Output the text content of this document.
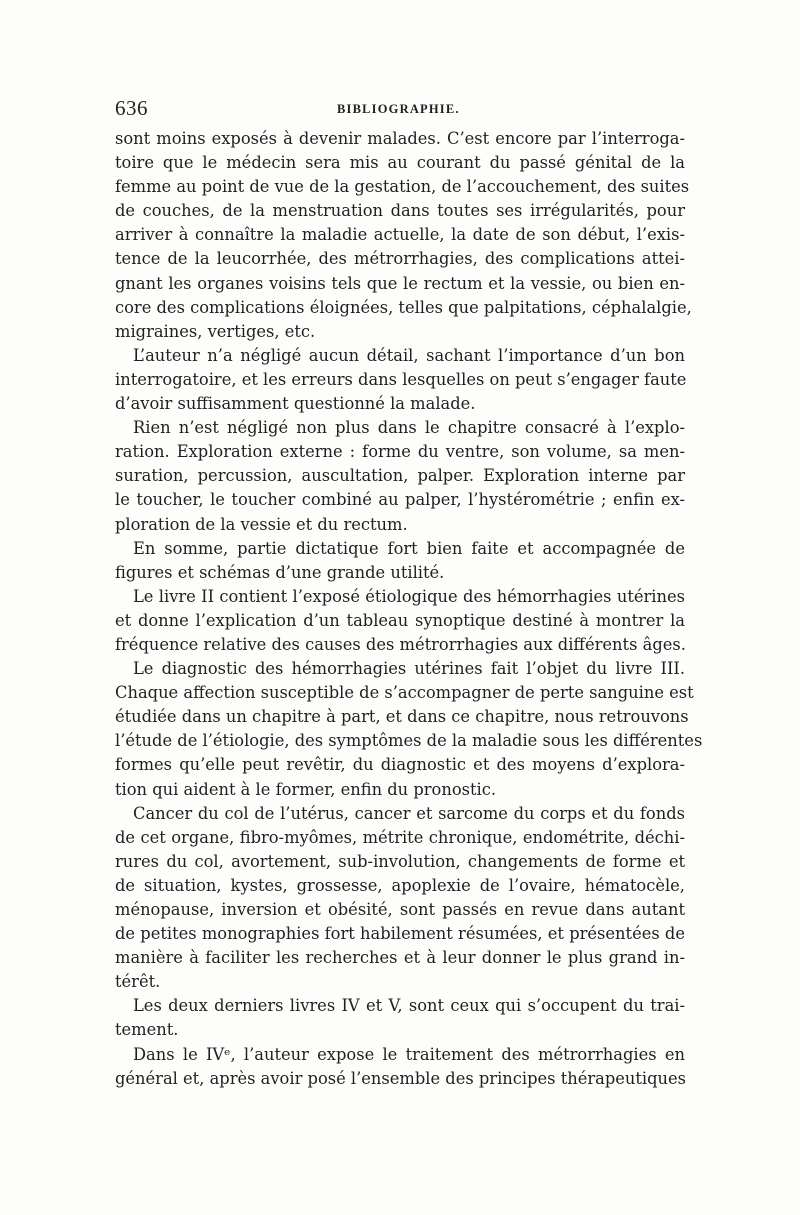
636	BIBLIOGRAPHIE.
sont moins exposés à devenir malades. C’est encore par l’interroga-
toire que le médecin sera mis au courant du passé génital de la
femme au point de vue de la gestation, de l’accouchement, des suites
de couches, de la menstruation dans toutes ses irrégularités, pour
arriver à connaître la maladie actuelle, la date de son début, l’exis-
tence de la leucorrhée, des métrorrhagies, des complications attei-
gnant les organes voisins tels que le rectum et la vessie, ou bien en-
core des complications éloignées, telles que palpitations, céphalalgie,
migraines, vertiges, etc.
L’auteur n’a négligé aucun détail, sachant l’importance d’un bon
interrogatoire, et les erreurs dans lesquelles on peut s’engager faute
d’avoir suffisamment questionné la malade.
Rien n’est négligé non plus dans le chapitre consacré à l’explo-
ration. Exploration externe : forme du ventre, son volume, sa men-
suration, percussion, auscultation, palper. Exploration interne par
le toucher, le toucher combiné au palper, l’hystérométrie ; enfin ex-
ploration de la vessie et du rectum.
En somme, partie dictatique fort bien faite et accompagnée de
figures et schémas d’une grande utilité.
Le livre II contient l’exposé étiologique des hémorrhagies utérines
et donne l’explication d’un tableau synoptique destiné à montrer la
fréquence relative des causes des métrorrhagies aux différents âges.
Le diagnostic des hémorrhagies utérines fait l’objet du livre III.
Chaque affection susceptible de s’accompagner de perte sanguine est
étudiée dans un chapitre à part, et dans ce chapitre, nous retrouvons
l’étude de l’étiologie, des symptômes de la maladie sous les différentes
formes qu’elle peut revêtir, du diagnostic et des moyens d’explora-
tion qui aident à le former, enfin du pronostic.
Cancer du col de l’utérus, cancer et sarcome du corps et du fonds
de cet organe, fibro-myômes, métrite chronique, endométrite, déchi-
rures du col, avortement, sub-involution, changements de forme et
de situation, kystes, grossesse, apoplexie de l’ovaire, hématocèle,
ménopause, inversion et obésité, sont passés en revue dans autant
de petites monographies fort habilement résumées, et présentées de
manière à faciliter les recherches et à leur donner le plus grand in-
térêt.
Les deux derniers livres IV et V, sont ceux qui s’occupent du trai-
tement.
Dans le IVᵉ, l’auteur expose le traitement des métrorrhagies en
général et, après avoir posé l’ensemble des principes thérapeutiques
